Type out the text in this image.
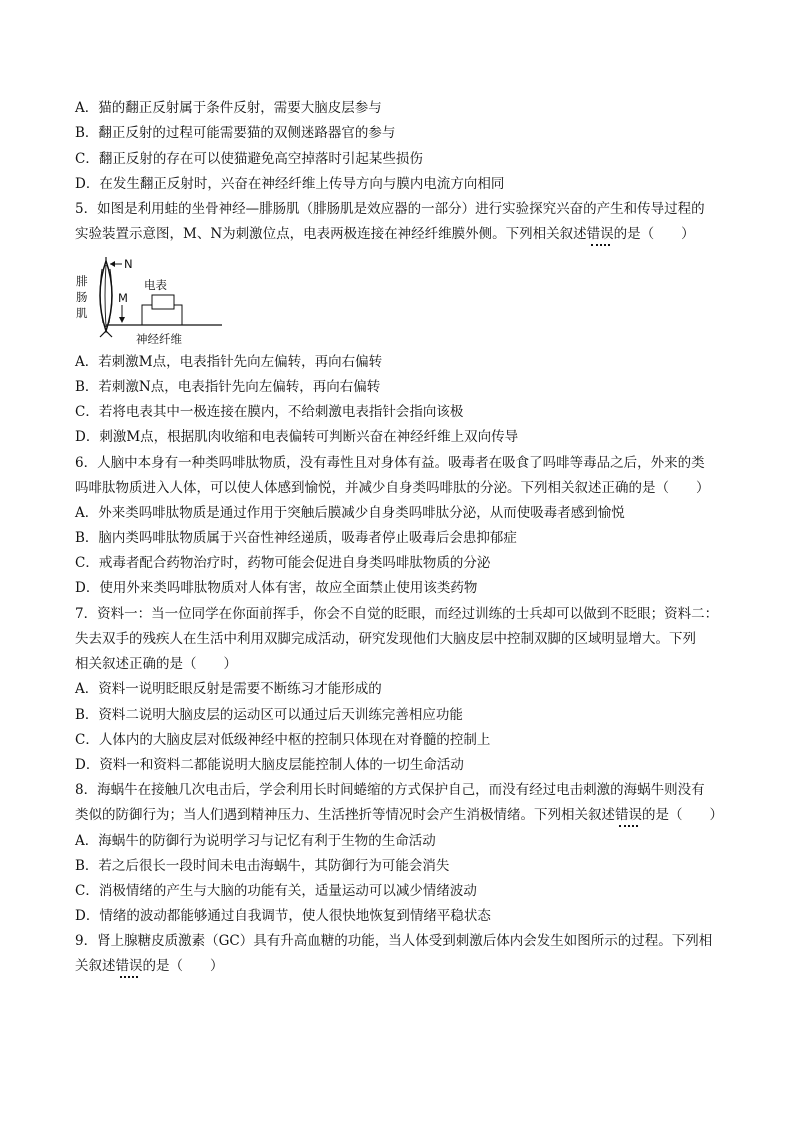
A．猫的翻正反射属于条件反射，需要大脑皮层参与
B．翻正反射的过程可能需要猫的双侧迷路器官的参与
C．翻正反射的存在可以使猫避免高空掉落时引起某些损伤
D．在发生翻正反射时，兴奋在神经纤维上传导方向与膜内电流方向相同
5．如图是利用蛙的坐骨神经—腓肠肌（腓肠肌是效应器的一部分）进行实验探究兴奋的产生和传导过程的
实验装置示意图，M、N为刺激位点，电表两极连接在神经纤维膜外侧。下列相关叙述错误的是（　　）
腓
肠
肌
N
M
电表
神经纤维
A．若刺激M点，电表指针先向左偏转，再向右偏转
B．若刺激N点，电表指针先向左偏转，再向右偏转
C．若将电表其中一极连接在膜内，不给刺激电表指针会指向该极
D．刺激M点，根据肌肉收缩和电表偏转可判断兴奋在神经纤维上双向传导
6．人脑中本身有一种类吗啡肽物质，没有毒性且对身体有益。吸毒者在吸食了吗啡等毒品之后，外来的类
吗啡肽物质进入人体，可以使人体感到愉悦，并减少自身类吗啡肽的分泌。下列相关叙述正确的是（　　）
A．外来类吗啡肽物质是通过作用于突触后膜减少自身类吗啡肽分泌，从而使吸毒者感到愉悦
B．脑内类吗啡肽物质属于兴奋性神经递质，吸毒者停止吸毒后会患抑郁症
C．戒毒者配合药物治疗时，药物可能会促进自身类吗啡肽物质的分泌
D．使用外来类吗啡肽物质对人体有害，故应全面禁止使用该类药物
7．资料一：当一位同学在你面前挥手，你会不自觉的眨眼，而经过训练的士兵却可以做到不眨眼；资料二：
失去双手的残疾人在生活中利用双脚完成活动，研究发现他们大脑皮层中控制双脚的区域明显增大。下列
相关叙述正确的是（　　）
A．资料一说明眨眼反射是需要不断练习才能形成的
B．资料二说明大脑皮层的运动区可以通过后天训练完善相应功能
C．人体内的大脑皮层对低级神经中枢的控制只体现在对脊髓的控制上
D．资料一和资料二都能说明大脑皮层能控制人体的一切生命活动
8．海蜗牛在接触几次电击后，学会利用长时间蜷缩的方式保护自己，而没有经过电击刺激的海蜗牛则没有
类似的防御行为；当人们遇到精神压力、生活挫折等情况时会产生消极情绪。下列相关叙述错误的是（　　）
A．海蜗牛的防御行为说明学习与记忆有利于生物的生命活动
B．若之后很长一段时间未电击海蜗牛，其防御行为可能会消失
C．消极情绪的产生与大脑的功能有关，适量运动可以减少情绪波动
D．情绪的波动都能够通过自我调节，使人很快地恢复到情绪平稳状态
9．肾上腺糖皮质激素（GC）具有升高血糖的功能，当人体受到刺激后体内会发生如图所示的过程。下列相
关叙述错误的是（　　）
